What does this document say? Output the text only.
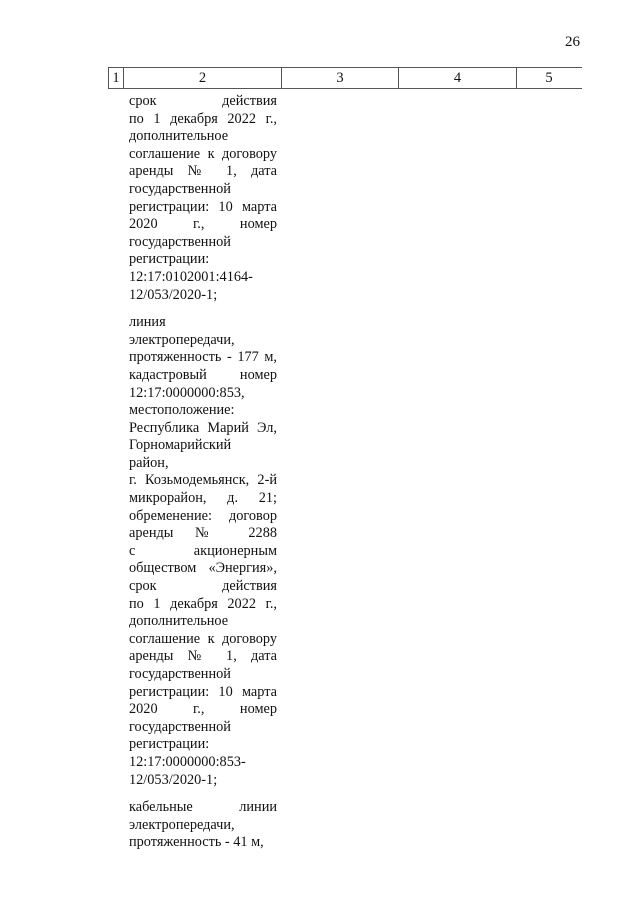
26
1	2	3	4	5
срок действия
по 1 декабря 2022 г.,
дополнительное
соглашение к договору
аренды № 1, дата
государственной
регистрации: 10 марта
2020 г., номер
государственной
регистрации:
12:17:0102001:4164-
12/053/2020-1;
линия
электропередачи,
протяженность - 177 м,
кадастровый номер
12:17:0000000:853,
местоположение:
Республика Марий Эл,
Горномарийский
район,
г. Козьмодемьянск, 2-й
микрорайон, д. 21;
обременение: договор
аренды № 2288
с акционерным
обществом «Энергия»,
срок действия
по 1 декабря 2022 г.,
дополнительное
соглашение к договору
аренды № 1, дата
государственной
регистрации: 10 марта
2020 г., номер
государственной
регистрации:
12:17:0000000:853-
12/053/2020-1;
кабельные линии
электропередачи,
протяженность - 41 м,
